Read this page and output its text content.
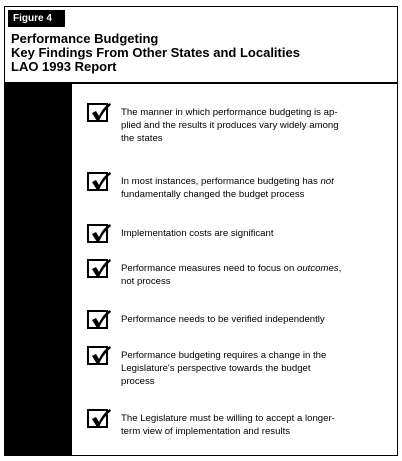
Figure 4
Performance Budgeting
Key Findings From Other States and Localities
LAO 1993 Report
The manner in which performance budgeting is ap-
plied and the results it produces vary widely among
the states
In most instances, performance budgeting has not
fundamentally changed the budget process
Implementation costs are significant
Performance measures need to focus on outcomes,
not process
Performance needs to be verified independently
Performance budgeting requires a change in the
Legislature's perspective towards the budget
process
The Legislature must be willing to accept a longer-
term view of implementation and results
